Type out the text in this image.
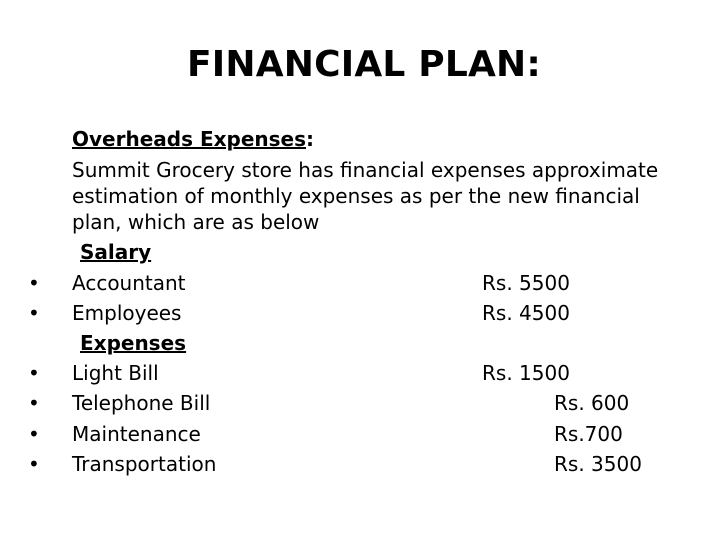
FINANCIAL PLAN:
Overheads Expenses:
Summit Grocery store has financial expenses approximate
estimation of monthly expenses as per the new financial
plan, which are as below
Salary
• Accountant	Rs. 5500
• Employees	Rs. 4500
Expenses
• Light Bill	Rs. 1500
• Telephone Bill	Rs. 600
• Maintenance	Rs.700
• Transportation	Rs. 3500
